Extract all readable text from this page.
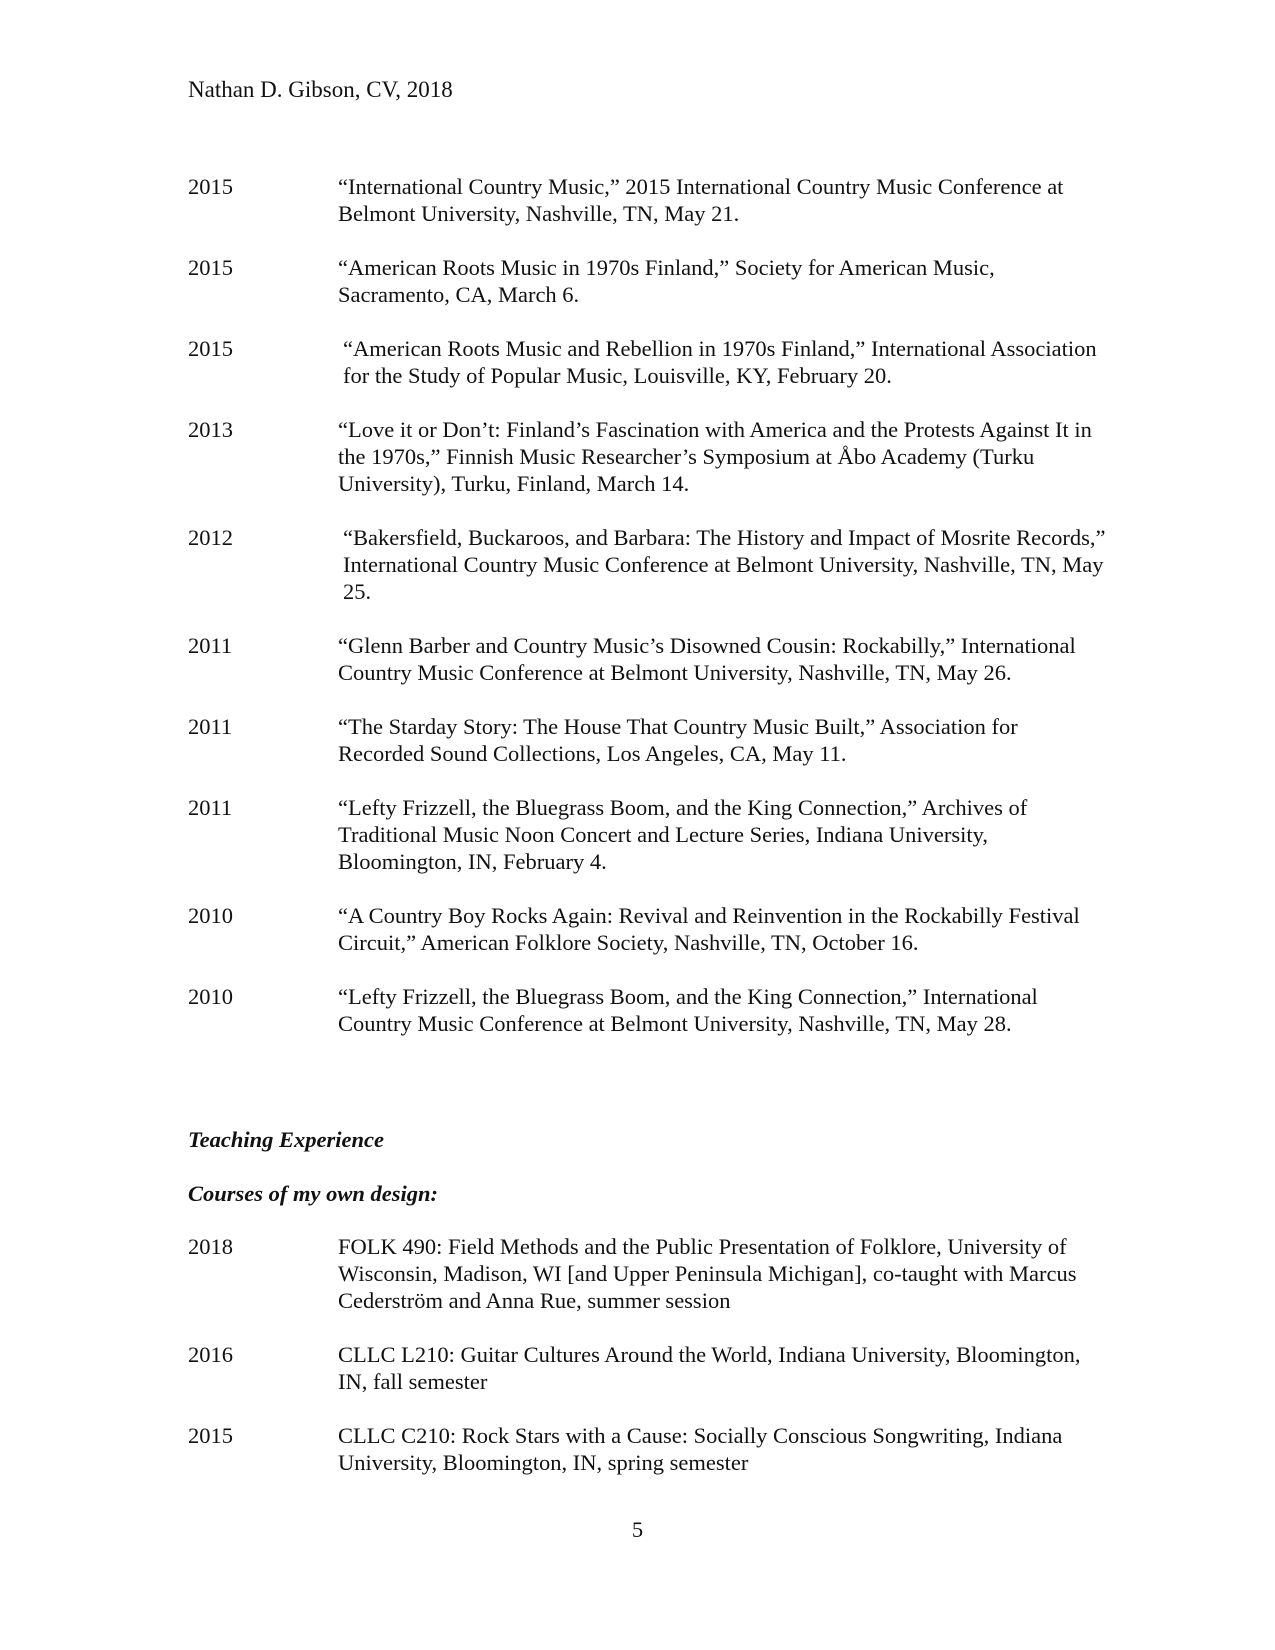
Nathan D. Gibson, CV, 2018
2015	“International Country Music,” 2015 International Country Music Conference at Belmont University, Nashville, TN, May 21.
2015	“American Roots Music in 1970s Finland,” Society for American Music, Sacramento, CA, March 6.
2015	“American Roots Music and Rebellion in 1970s Finland,” International Association for the Study of Popular Music, Louisville, KY, February 20.
2013	“Love it or Don’t: Finland’s Fascination with America and the Protests Against It in the 1970s,” Finnish Music Researcher’s Symposium at Åbo Academy (Turku University), Turku, Finland, March 14.
2012	“Bakersfield, Buckaroos, and Barbara: The History and Impact of Mosrite Records,” International Country Music Conference at Belmont University, Nashville, TN, May 25.
2011	“Glenn Barber and Country Music’s Disowned Cousin: Rockabilly,” International Country Music Conference at Belmont University, Nashville, TN, May 26.
2011	“The Starday Story: The House That Country Music Built,” Association for Recorded Sound Collections, Los Angeles, CA, May 11.
2011	“Lefty Frizzell, the Bluegrass Boom, and the King Connection,” Archives of Traditional Music Noon Concert and Lecture Series, Indiana University, Bloomington, IN, February 4.
2010	“A Country Boy Rocks Again: Revival and Reinvention in the Rockabilly Festival Circuit,” American Folklore Society, Nashville, TN, October 16.
2010	“Lefty Frizzell, the Bluegrass Boom, and the King Connection,” International Country Music Conference at Belmont University, Nashville, TN, May 28.
Teaching Experience
Courses of my own design:
2018	FOLK 490: Field Methods and the Public Presentation of Folklore, University of Wisconsin, Madison, WI [and Upper Peninsula Michigan], co-taught with Marcus Cederström and Anna Rue, summer session
2016	CLLC L210: Guitar Cultures Around the World, Indiana University, Bloomington, IN, fall semester
2015	CLLC C210: Rock Stars with a Cause: Socially Conscious Songwriting, Indiana University, Bloomington, IN, spring semester
5
